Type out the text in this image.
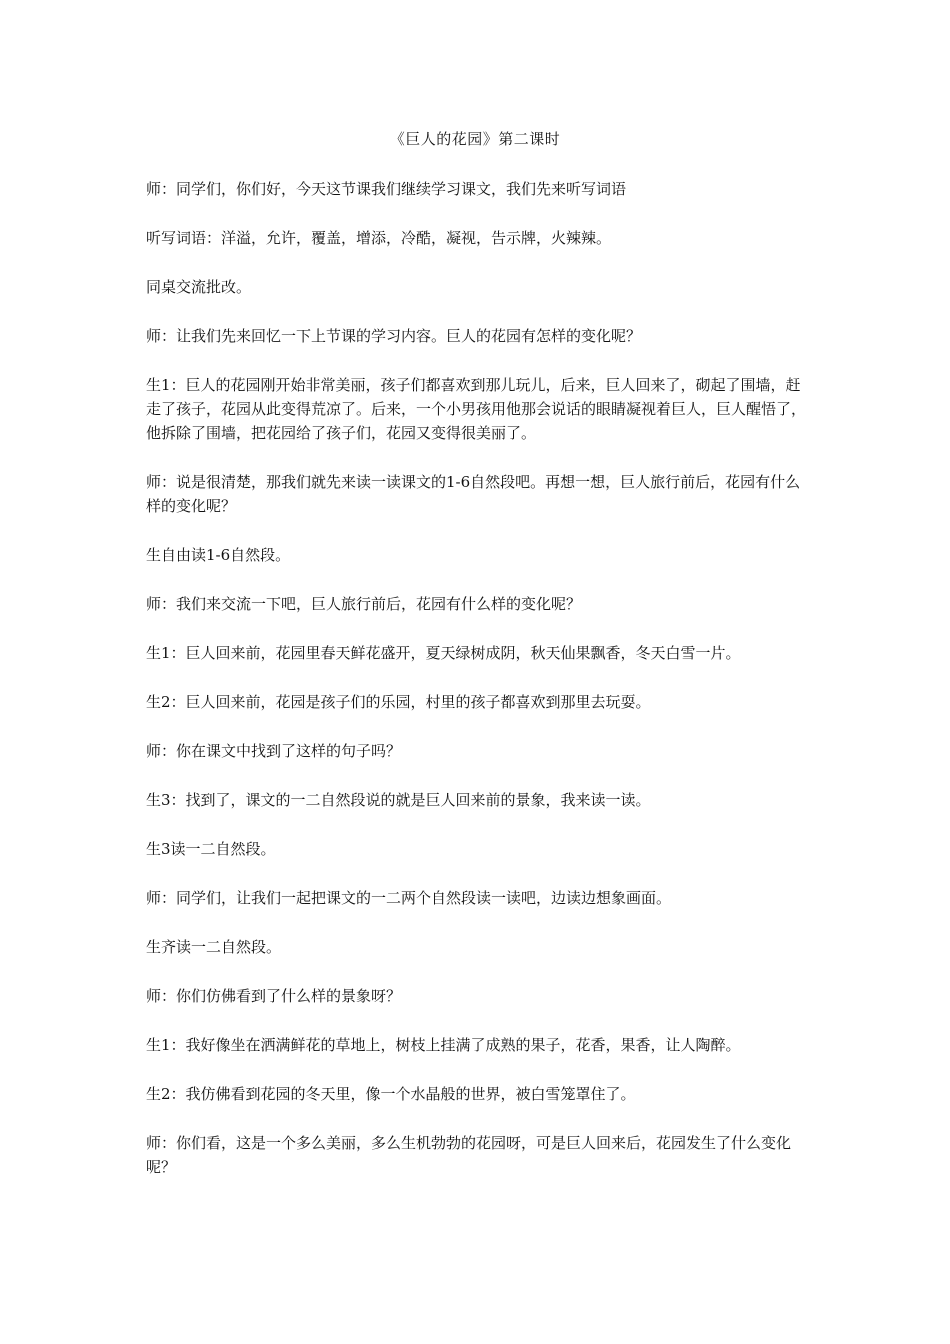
《巨人的花园》第二课时

师：同学们，你们好，今天这节课我们继续学习课文，我们先来听写词语

听写词语：洋溢，允许，覆盖，增添，冷酷，凝视，告示牌，火辣辣。

同桌交流批改。

师：让我们先来回忆一下上节课的学习内容。巨人的花园有怎样的变化呢？

生1：巨人的花园刚开始非常美丽，孩子们都喜欢到那儿玩儿，后来，巨人回来了，砌起了围墙，赶走了孩子，花园从此变得荒凉了。后来，一个小男孩用他那会说话的眼睛凝视着巨人，巨人醒悟了，他拆除了围墙，把花园给了孩子们，花园又变得很美丽了。

师：说是很清楚，那我们就先来读一读课文的1-6自然段吧。再想一想，巨人旅行前后，花园有什么样的变化呢？

生自由读1-6自然段。

师：我们来交流一下吧，巨人旅行前后，花园有什么样的变化呢？

生1：巨人回来前，花园里春天鲜花盛开，夏天绿树成阴，秋天仙果飘香，冬天白雪一片。

生2：巨人回来前，花园是孩子们的乐园，村里的孩子都喜欢到那里去玩耍。

师：你在课文中找到了这样的句子吗？

生3：找到了，课文的一二自然段说的就是巨人回来前的景象，我来读一读。

生3读一二自然段。

师：同学们，让我们一起把课文的一二两个自然段读一读吧，边读边想象画面。

生齐读一二自然段。

师：你们仿佛看到了什么样的景象呀？

生1：我好像坐在洒满鲜花的草地上，树枝上挂满了成熟的果子，花香，果香，让人陶醉。

生2：我仿佛看到花园的冬天里，像一个水晶般的世界，被白雪笼罩住了。

师：你们看，这是一个多么美丽，多么生机勃勃的花园呀，可是巨人回来后，花园发生了什么变化呢？
